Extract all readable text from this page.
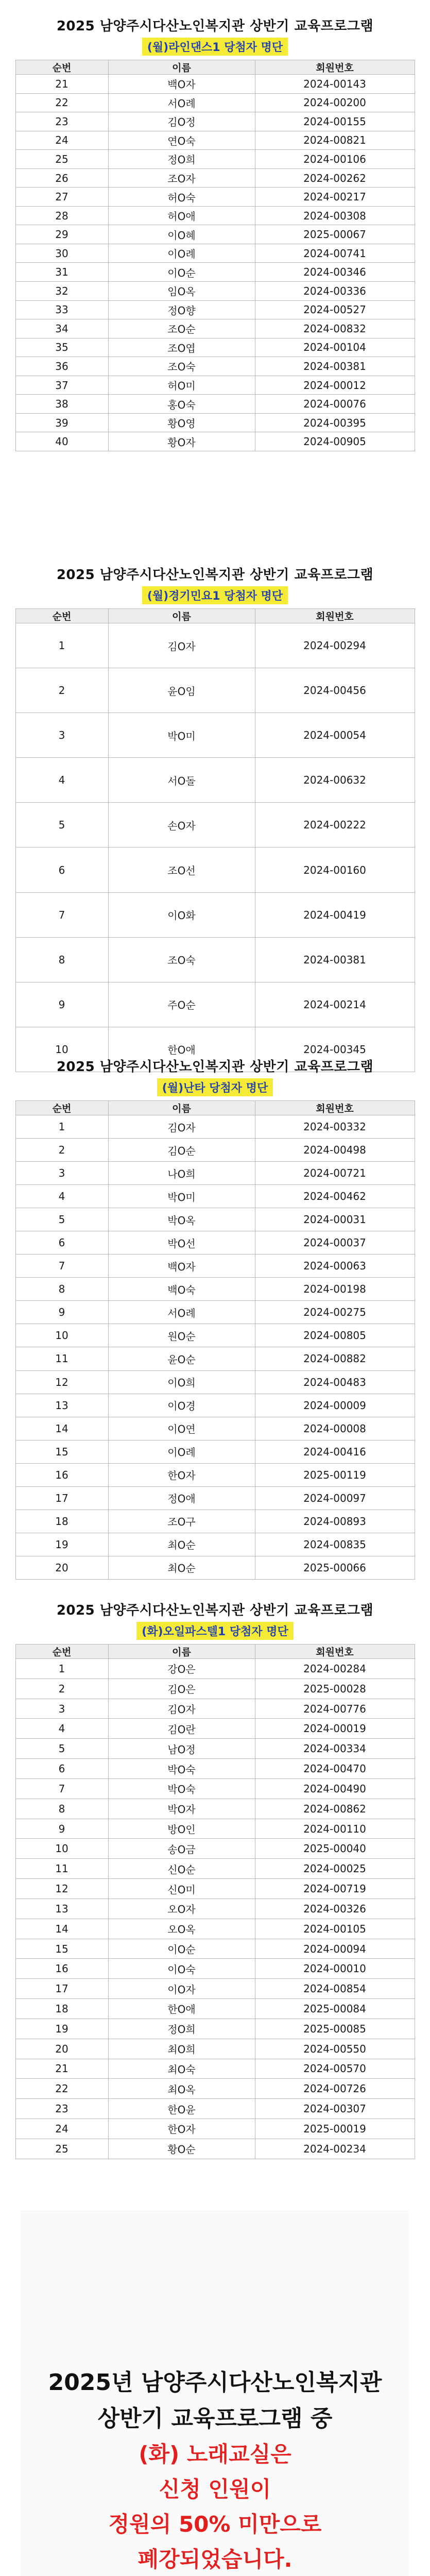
2025 남양주시다산노인복지관 상반기 교육프로그램

(월)라인댄스1 당첨자 명단
순번	이름	회원번호
21	백O자	2024-00143
22	서O례	2024-00200
23	김O정	2024-00155
24	연O숙	2024-00821
25	정O희	2024-00106
26	조O자	2024-00262
27	허O숙	2024-00217
28	허O애	2024-00308
29	이O혜	2025-00067
30	이O례	2024-00741
31	이O순	2024-00346
32	임O옥	2024-00336
33	정O향	2024-00527
34	조O순	2024-00832
35	조O엽	2024-00104
36	조O숙	2024-00381
37	허O미	2024-00012
38	홍O숙	2024-00076
39	황O영	2024-00395
40	황O자	2024-00905

2025 남양주시다산노인복지관 상반기 교육프로그램

(월)경기민요1 당첨자 명단
순번	이름	회원번호
1	김O자	2024-00294
2	윤O임	2024-00456
3	박O미	2024-00054
4	서O돌	2024-00632
5	손O자	2024-00222
6	조O선	2024-00160
7	이O화	2024-00419
8	조O숙	2024-00381
9	주O순	2024-00214
10	한O애	2024-00345

2025 남양주시다산노인복지관 상반기 교육프로그램

(월)난타 당첨자 명단
순번	이름	회원번호
1	김O자	2024-00332
2	김O순	2024-00498
3	나O희	2024-00721
4	박O미	2024-00462
5	박O옥	2024-00031
6	박O선	2024-00037
7	백O자	2024-00063
8	백O숙	2024-00198
9	서O례	2024-00275
10	원O순	2024-00805
11	윤O순	2024-00882
12	이O희	2024-00483
13	이O경	2024-00009
14	이O연	2024-00008
15	이O례	2024-00416
16	한O자	2025-00119
17	정O애	2024-00097
18	조O구	2024-00893
19	최O순	2024-00835
20	최O순	2025-00066

2025 남양주시다산노인복지관 상반기 교육프로그램

(화)오일파스텔1 당첨자 명단
순번	이름	회원번호
1	강O은	2024-00284
2	김O은	2025-00028
3	김O자	2024-00776
4	김O란	2024-00019
5	남O정	2024-00334
6	박O숙	2024-00470
7	박O숙	2024-00490
8	박O자	2024-00862
9	방O인	2024-00110
10	송O금	2025-00040
11	신O순	2024-00025
12	신O미	2024-00719
13	오O자	2024-00326
14	오O옥	2024-00105
15	이O순	2024-00094
16	이O숙	2024-00010
17	이O자	2024-00854
18	한O애	2025-00084
19	정O희	2025-00085
20	최O희	2024-00550
21	최O숙	2024-00570
22	최O옥	2024-00726
23	한O윤	2024-00307
24	한O자	2025-00019
25	황O순	2024-00234

2025년 남양주시다산노인복지관

상반기 교육프로그램 중

(화) 노래교실은

신청 인원이

정원의 50% 미만으로

폐강되었습니다.
